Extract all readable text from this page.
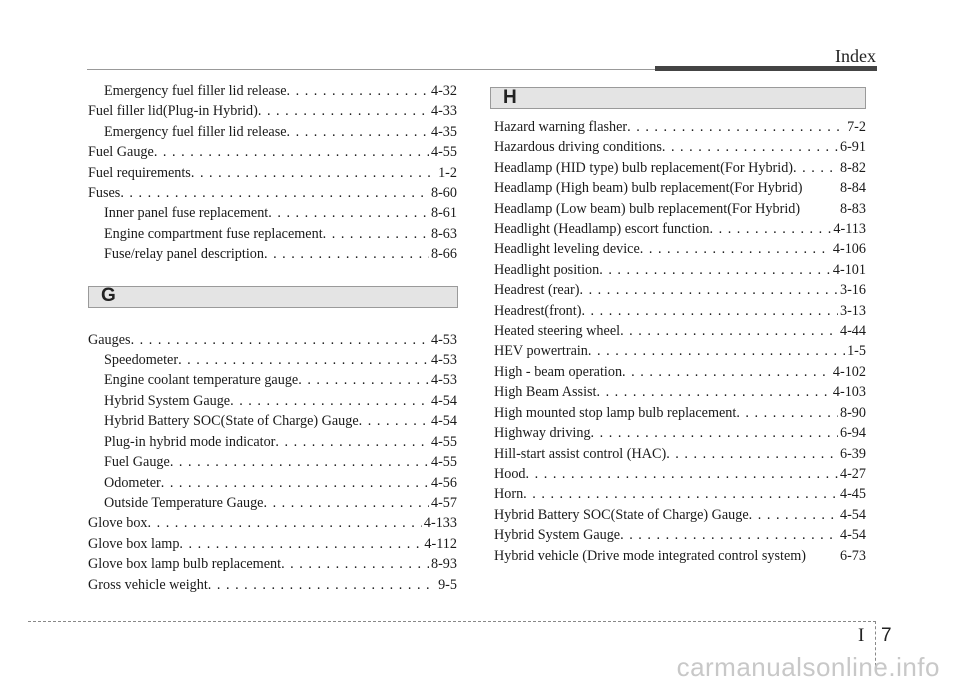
Index
Emergency fuel filler lid release . . .	4-32
Fuel filler lid(Plug-in Hybrid) . . .	4-33
Emergency fuel filler lid release . . .	4-35
Fuel Gauge . . .	4-55
Fuel requirements . . .	1-2
Fuses . . .	8-60
Inner panel fuse replacement . . .	8-61
Engine compartment fuse replacement . . .	8-63
Fuse/relay panel description . . .	8-66
G
Gauges . . .	4-53
Speedometer . . .	4-53
Engine coolant temperature gauge . . .	4-53
Hybrid System Gauge . . .	4-54
Hybrid Battery SOC(State of Charge) Gauge . . .	4-54
Plug-in hybrid mode indicator . . .	4-55
Fuel Gauge . . .	4-55
Odometer . . .	4-56
Outside Temperature Gauge . . .	4-57
Glove box . . .	4-133
Glove box lamp . . .	4-112
Glove box lamp bulb replacement . . .	8-93
Gross vehicle weight . . .	9-5
H
Hazard warning flasher . . .	7-2
Hazardous driving conditions . . .	6-91
Headlamp (HID type) bulb replacement(For Hybrid) . . .	8-82
Headlamp (High beam) bulb replacement(For Hybrid)	8-84
Headlamp (Low beam) bulb replacement(For Hybrid)	8-83
Headlight (Headlamp) escort function . . .	4-113
Headlight leveling device . . .	4-106
Headlight position . . .	4-101
Headrest (rear) . . .	3-16
Headrest(front) . . .	3-13
Heated steering wheel . . .	4-44
HEV powertrain . . .	1-5
High - beam operation . . .	4-102
High Beam Assist . . .	4-103
High mounted stop lamp bulb replacement . . .	8-90
Highway driving . . .	6-94
Hill-start assist control (HAC) . . .	6-39
Hood . . .	4-27
Horn . . .	4-45
Hybrid Battery SOC(State of Charge) Gauge . . .	4-54
Hybrid System Gauge . . .	4-54
Hybrid vehicle (Drive mode integrated control system) 6-73
I 7
carmanualsonline.info
